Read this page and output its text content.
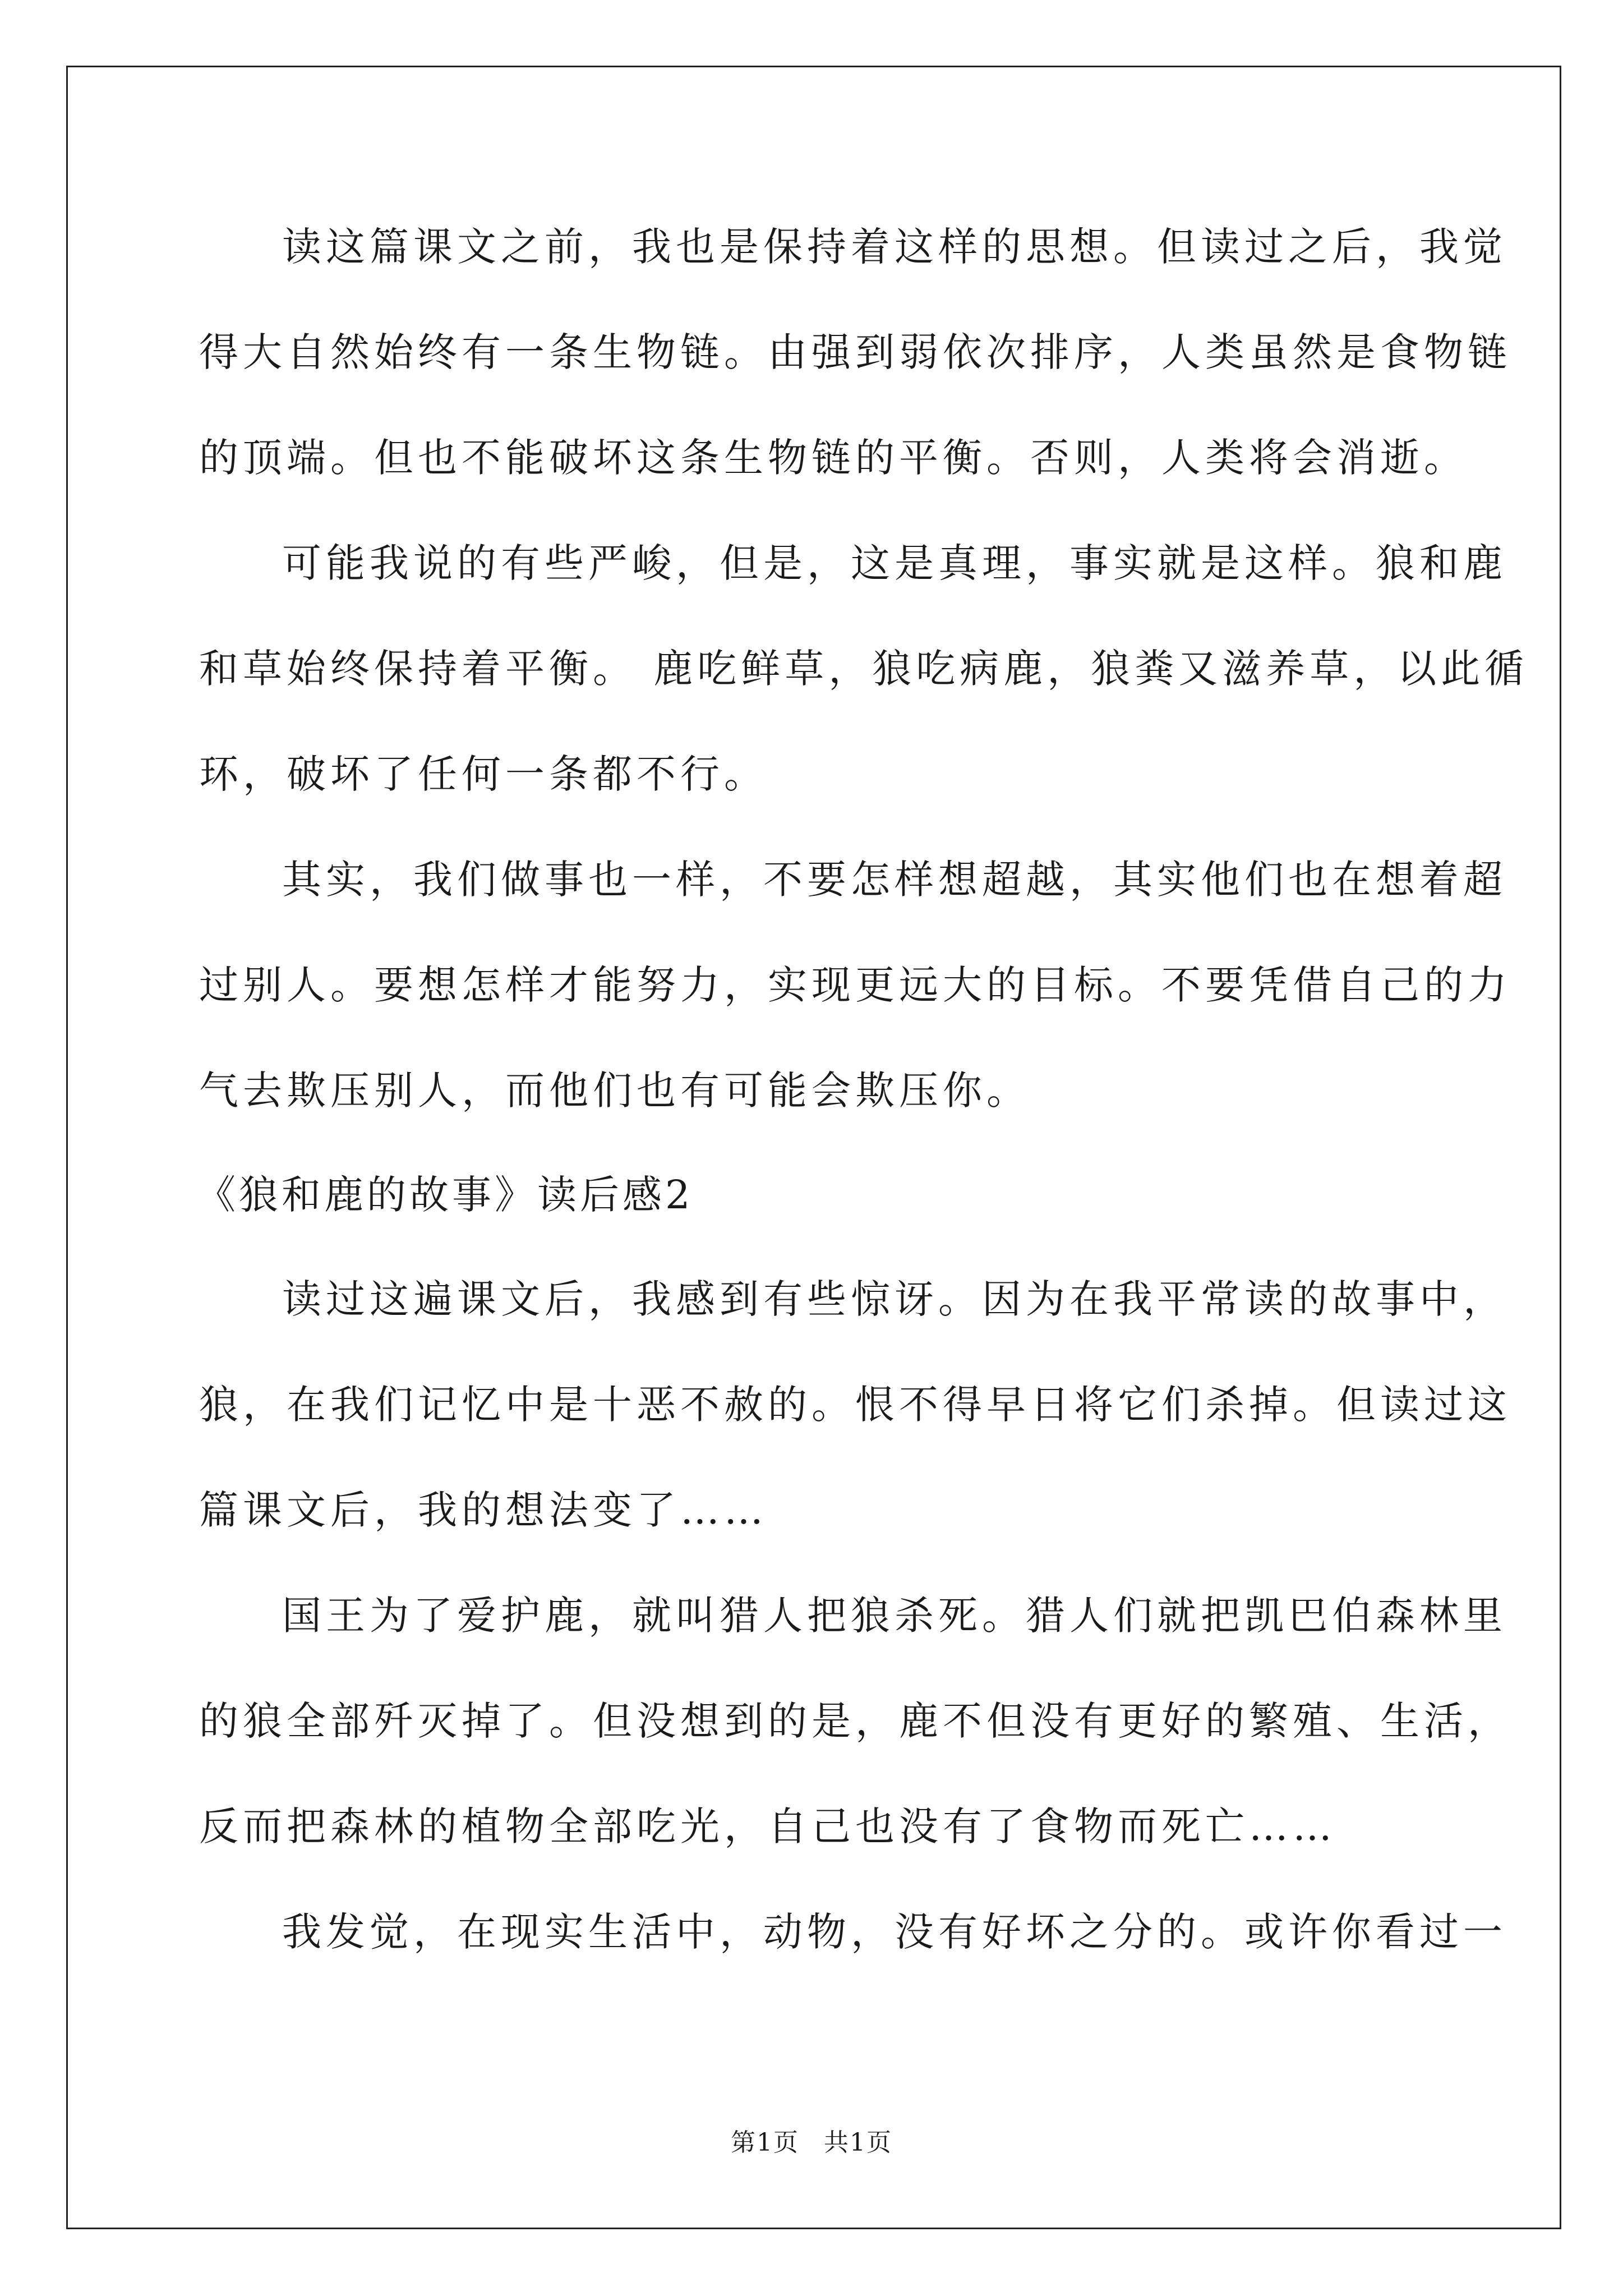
读这篇课文之前，我也是保持着这样的思想。但读过之后，我觉
得大自然始终有一条生物链。由强到弱依次排序，人类虽然是食物链
的顶端。但也不能破坏这条生物链的平衡。否则，人类将会消逝。
可能我说的有些严峻，但是，这是真理，事实就是这样。狼和鹿
和草始终保持着平衡。 鹿吃鲜草，狼吃病鹿，狼粪又滋养草，以此循
环，破坏了任何一条都不行。
其实，我们做事也一样，不要怎样想超越，其实他们也在想着超
过别人。要想怎样才能努力，实现更远大的目标。不要凭借自己的力
气去欺压别人，而他们也有可能会欺压你。
《狼和鹿的故事》读后感2
读过这遍课文后，我感到有些惊讶。因为在我平常读的故事中，
狼，在我们记忆中是十恶不赦的。恨不得早日将它们杀掉。但读过这
篇课文后，我的想法变了……
国王为了爱护鹿，就叫猎人把狼杀死。猎人们就把凯巴伯森林里
的狼全部歼灭掉了。但没想到的是，鹿不但没有更好的繁殖、生活，
反而把森林的植物全部吃光，自己也没有了食物而死亡……
我发觉，在现实生活中，动物，没有好坏之分的。或许你看过一
第1页 共1页
